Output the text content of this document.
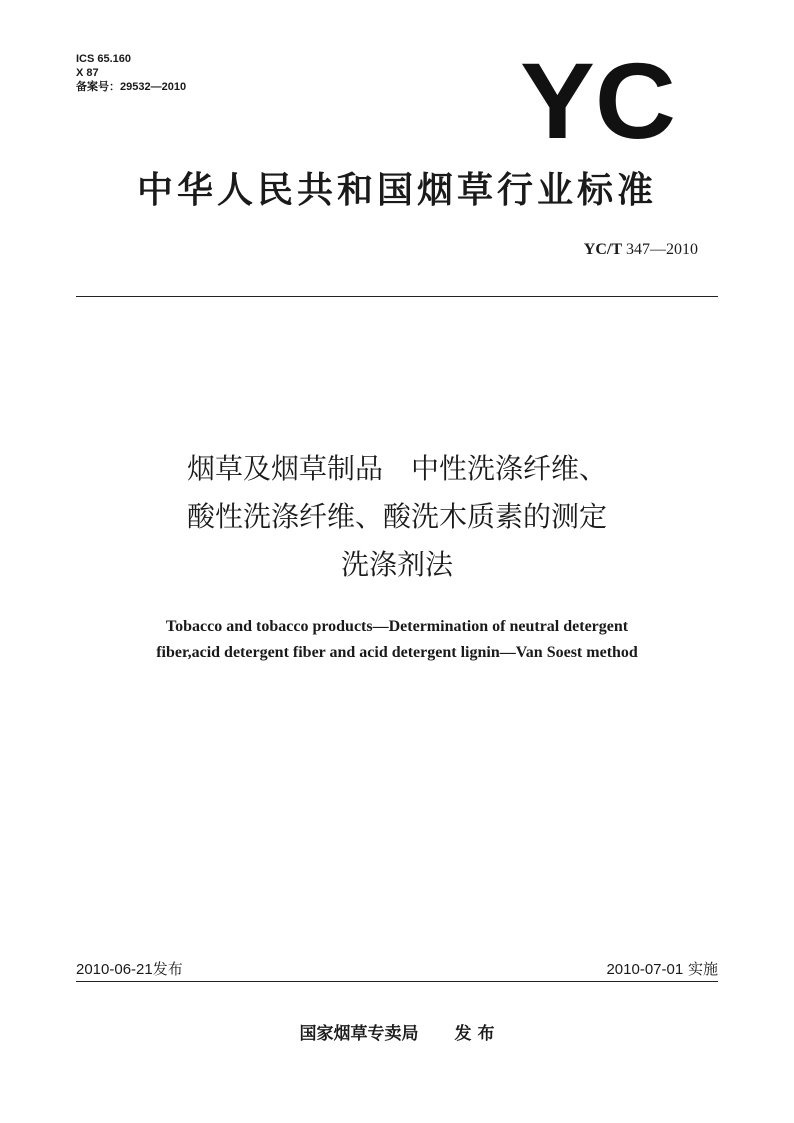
ICS 65.160
X 87
备案号：29532—2010	YC
中华人民共和国烟草行业标准
YC/T 347—2010
烟草及烟草制品　中性洗涤纤维、
酸性洗涤纤维、酸洗木质素的测定
洗涤剂法
Tobacco and tobacco products—Determination of neutral detergent
fiber,acid detergent fiber and acid detergent lignin—Van Soest method
2010-06-21发布	2010-07-01 实施
国家烟草专卖局 发 布
